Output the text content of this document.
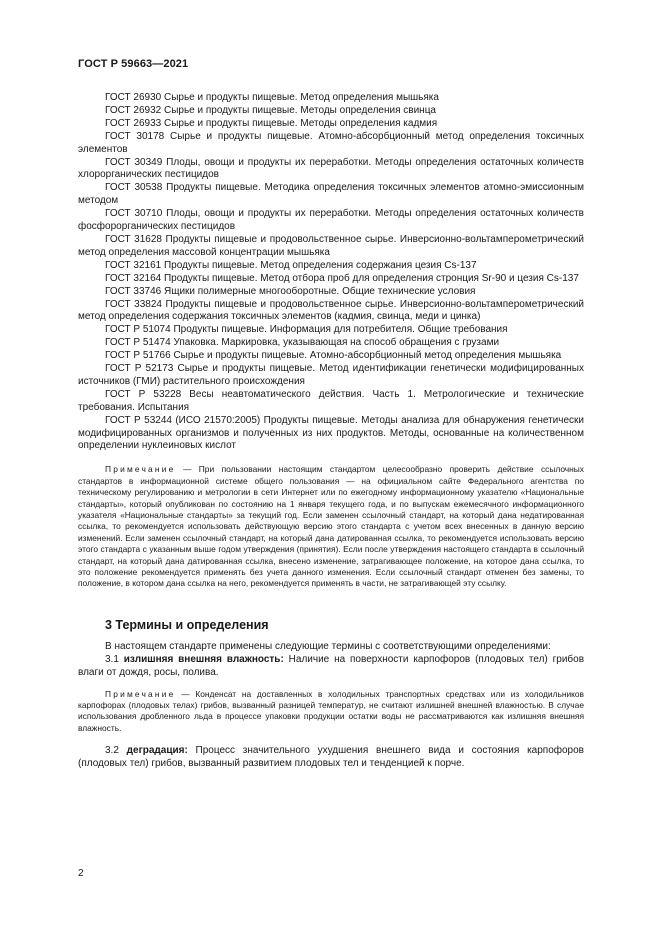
ГОСТ Р 59663—2021

ГОСТ 26930 Сырье и продукты пищевые. Метод определения мышьяка

ГОСТ 26932 Сырье и продукты пищевые. Методы определения свинца

ГОСТ 26933 Сырье и продукты пищевые. Методы определения кадмия

ГОСТ 30178 Сырье и продукты пищевые. Атомно-абсорбционный метод определения токсичных элементов

ГОСТ 30349 Плоды, овощи и продукты их переработки. Методы определения остаточных количеств хлорорганических пестицидов

ГОСТ 30538 Продукты пищевые. Методика определения токсичных элементов атомно-эмиссионным методом

ГОСТ 30710 Плоды, овощи и продукты их переработки. Методы определения остаточных количеств фосфорорганических пестицидов

ГОСТ 31628 Продукты пищевые и продовольственное сырье. Инверсионно-вольтамперометрический метод определения массовой концентрации мышьяка

ГОСТ 32161 Продукты пищевые. Метод определения содержания цезия Cs-137

ГОСТ 32164 Продукты пищевые. Метод отбора проб для определения стронция Sr-90 и цезия Cs-137

ГОСТ 33746 Ящики полимерные многооборотные. Общие технические условия

ГОСТ 33824 Продукты пищевые и продовольственное сырье. Инверсионно-вольтамперометрический метод определения содержания токсичных элементов (кадмия, свинца, меди и цинка)

ГОСТ Р 51074 Продукты пищевые. Информация для потребителя. Общие требования

ГОСТ Р 51474 Упаковка. Маркировка, указывающая на способ обращения с грузами

ГОСТ Р 51766 Сырье и продукты пищевые. Атомно-абсорбционный метод определения мышьяка

ГОСТ Р 52173 Сырье и продукты пищевые. Метод идентификации генетически модифицированных источников (ГМИ) растительного происхождения

ГОСТ Р 53228 Весы неавтоматического действия. Часть 1. Метрологические и технические требования. Испытания

ГОСТ Р 53244 (ИСО 21570:2005) Продукты пищевые. Методы анализа для обнаружения генетически модифицированных организмов и полученных из них продуктов. Методы, основанные на количественном определении нуклеиновых кислот

Примечание — При пользовании настоящим стандартом целесообразно проверить действие ссылочных стандартов в информационной системе общего пользования — на официальном сайте Федерального агентства по техническому регулированию и метрологии в сети Интернет или по ежегодному информационному указателю «Национальные стандарты», который опубликован по состоянию на 1 января текущего года, и по выпускам ежемесячного информационного указателя «Национальные стандарты» за текущий год. Если заменен ссылочный стандарт, на который дана недатированная ссылка, то рекомендуется использовать действующую версию этого стандарта с учетом всех внесенных в данную версию изменений. Если заменен ссылочный стандарт, на который дана датированная ссылка, то рекомендуется использовать версию этого стандарта с указанным выше годом утверждения (принятия). Если после утверждения настоящего стандарта в ссылочный стандарт, на который дана датированная ссылка, внесено изменение, затрагивающее положение, на которое дана ссылка, то это положение рекомендуется применять без учета данного изменения. Если ссылочный стандарт отменен без замены, то положение, в котором дана ссылка на него, рекомендуется применять в части, не затрагивающей эту ссылку.

3 Термины и определения

В настоящем стандарте применены следующие термины с соответствующими определениями:

3.1 излишняя внешняя влажность: Наличие на поверхности карпофоров (плодовых тел) грибов влаги от дождя, росы, полива.

Примечание — Конденсат на доставленных в холодильных транспортных средствах или из холодильников карпофорах (плодовых телах) грибов, вызванный разницей температур, не считают излишней внешней влажностью. В случае использования дробленного льда в процессе упаковки продукции остатки воды не рассматриваются как излишняя внешняя влажность.

3.2 деградация: Процесс значительного ухудшения внешнего вида и состояния карпофоров (плодовых тел) грибов, вызванный развитием плодовых тел и тенденцией к порче.

2
